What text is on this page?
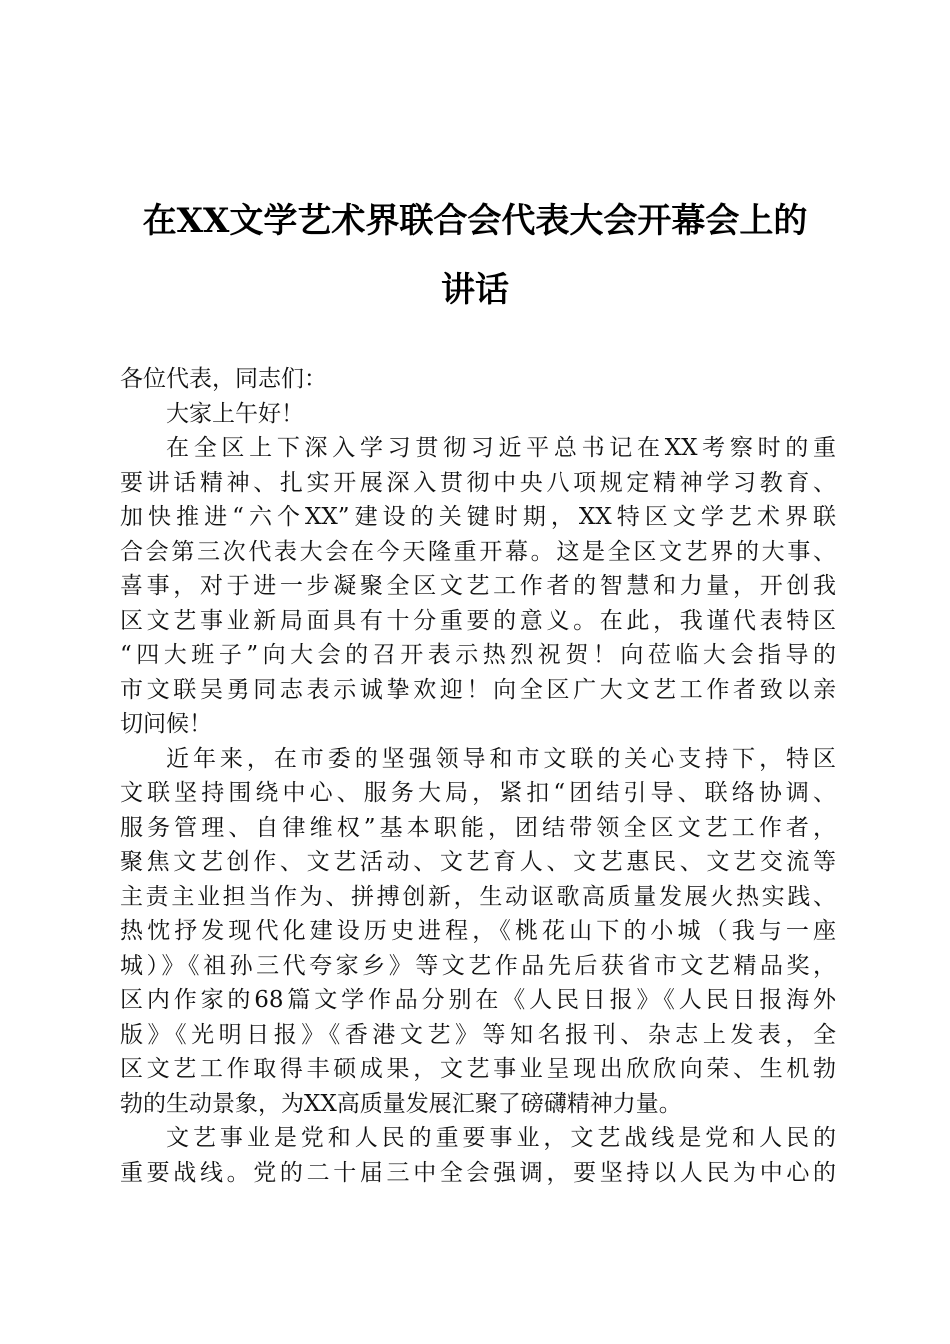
在XX文学艺术界联合会代表大会开幕会上的
讲话
各位代表，同志们：
大家上午好！
在全区上下深入学习贯彻习近平总书记在XX考察时的重
要讲话精神、扎实开展深入贯彻中央八项规定精神学习教育、
加快推进“六个XX”建设的关键时期，XX特区文学艺术界联
合会第三次代表大会在今天隆重开幕。这是全区文艺界的大事、
喜事，对于进一步凝聚全区文艺工作者的智慧和力量，开创我
区文艺事业新局面具有十分重要的意义。在此，我谨代表特区
“四大班子”向大会的召开表示热烈祝贺！向莅临大会指导的
市文联吴勇同志表示诚挚欢迎！向全区广大文艺工作者致以亲
切问候！
近年来，在市委的坚强领导和市文联的关心支持下，特区
文联坚持围绕中心、服务大局，紧扣“团结引导、联络协调、
服务管理、自律维权”基本职能，团结带领全区文艺工作者，
聚焦文艺创作、文艺活动、文艺育人、文艺惠民、文艺交流等
主责主业担当作为、拼搏创新，生动讴歌高质量发展火热实践、
热忱抒发现代化建设历史进程，《桃花山下的小城（我与一座
城）》《祖孙三代夸家乡》等文艺作品先后获省市文艺精品奖，
区内作家的68篇文学作品分别在《人民日报》《人民日报海外
版》《光明日报》《香港文艺》等知名报刊、杂志上发表，全
区文艺工作取得丰硕成果，文艺事业呈现出欣欣向荣、生机勃
勃的生动景象，为XX高质量发展汇聚了磅礴精神力量。
文艺事业是党和人民的重要事业，文艺战线是党和人民的
重要战线。党的二十届三中全会强调，要坚持以人民为中心的
